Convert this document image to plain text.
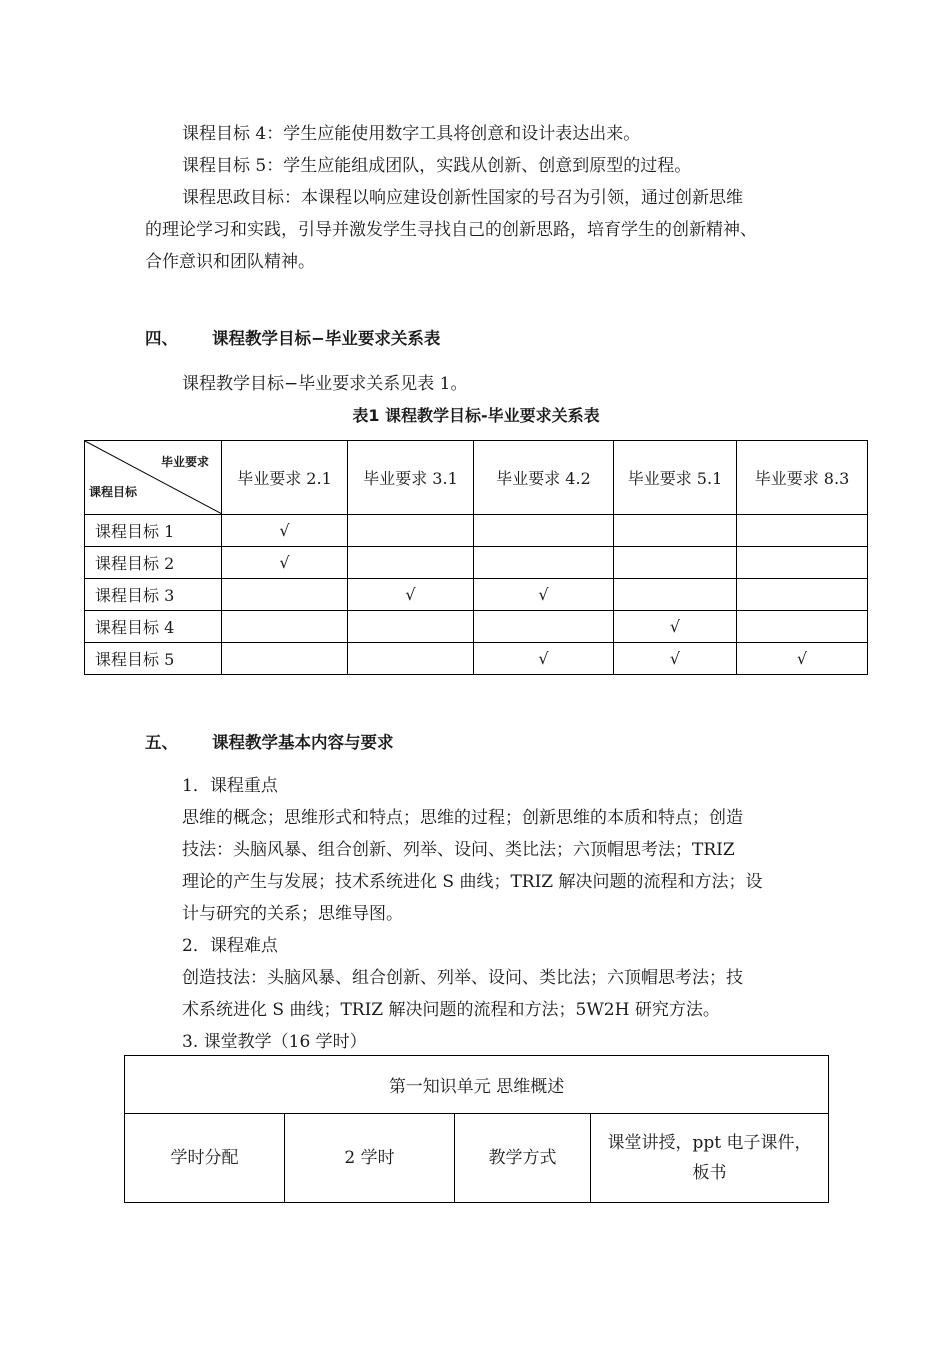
课程目标 4：学生应能使用数字工具将创意和设计表达出来。
课程目标 5：学生应能组成团队，实践从创新、创意到原型的过程。
课程思政目标：本课程以响应建设创新性国家的号召为引领，通过创新思维
的理论学习和实践，引导并激发学生寻找自己的创新思路，培育学生的创新精神、
合作意识和团队精神。
四、 课程教学目标−毕业要求关系表
课程教学目标−毕业要求关系见表 1。
表1 课程教学目标-毕业要求关系表
毕业要求
课程目标	毕业要求 2.1	毕业要求 3.1	毕业要求 4.2	毕业要求 5.1	毕业要求 8.3
课程目标 1	√				
课程目标 2	√				
课程目标 3		√	√		
课程目标 4				√	
课程目标 5			√	√	√
五、 课程教学基本内容与要求
1．课程重点
思维的概念；思维形式和特点；思维的过程；创新思维的本质和特点；创造
技法：头脑风暴、组合创新、列举、设问、类比法；六顶帽思考法；TRIZ
理论的产生与发展；技术系统进化 S 曲线；TRIZ 解决问题的流程和方法；设
计与研究的关系；思维导图。
2．课程难点
创造技法：头脑风暴、组合创新、列举、设问、类比法；六顶帽思考法；技
术系统进化 S 曲线；TRIZ 解决问题的流程和方法；5W2H 研究方法。
3. 课堂教学（16 学时）
第一知识单元 思维概述
学时分配	2 学时	教学方式	
课堂讲授，ppt 电子课件，
板书
